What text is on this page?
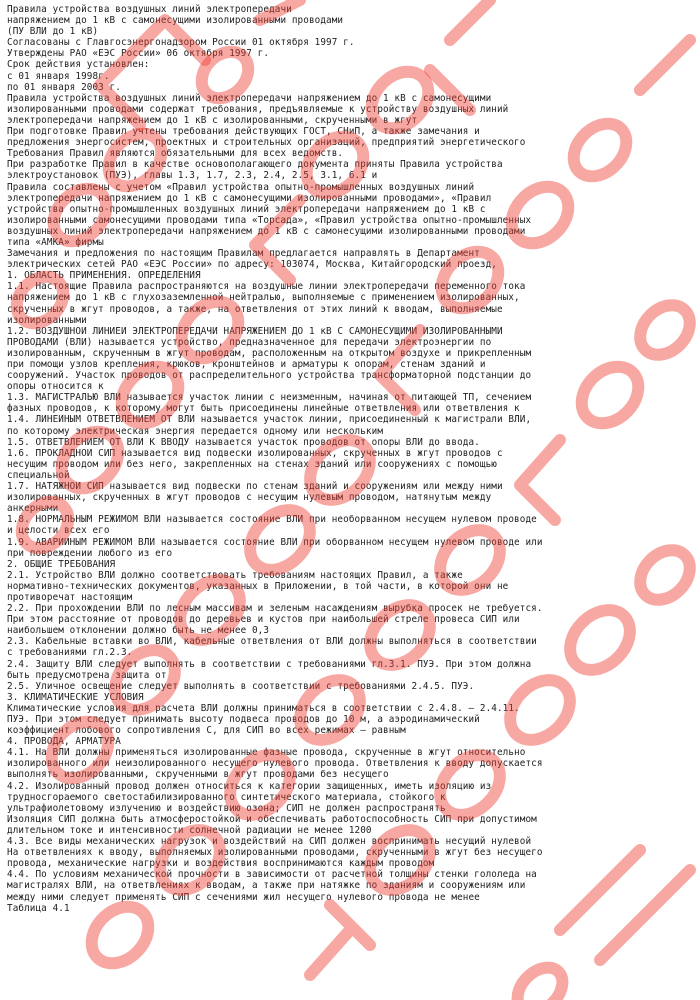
Правила устройства воздушных линий электропередачи
напряжением до 1 кВ с самонесущими изолированными проводами
(ПУ ВЛИ до 1 кВ)
Согласованы с Главгосэнергонадзором России 01 октября 1997 г.
Утверждены РАО «ЕЭС России» 06 октября 1997 г.
Срок действия установлен:
с 01 января 1998г.
по 01 января 2003 г.
Правила устройства воздушных линий электропередачи напряжением до 1 кВ с самонесущими
изолированными проводами содержат требования, предъявляемые к устройству воздушных линий
электропередачи напряжением до 1 кВ с изолированными, скрученными в жгут
При подготовке Правил учтены требования действующих ГОСТ, СНиП, а также замечания и
предложения энергосистем, проектных и строительных организаций, предприятий энергетического
Требования Правил являются обязательными для всех ведомств.
При разработке Правил в качестве основополагающего документа приняты Правила устройства
электроустановок (ПУЭ), главы 1.3, 1.7, 2.3, 2.4, 2.5, 3.1, 6.1 и
Правила составлены с учетом «Правил устройства опытно-промышленных воздушных линий
электропередачи напряжением до 1 кВ с самонесущими изолированными проводами», «Правил
устройства опытно-промышленных воздушных линий электропередачи напряжением до 1 кВ с
изолированными самонесущими проводами типа «Торсада», «Правил устройства опытно-промышленных
воздушных линий электропередачи напряжением до 1 кВ с самонесущими изолированными проводами
типа «АМКА» фирмы
Замечания и предложения по настоящим Правилам предлагается направлять в Департамент
электрических сетей РАО «ЕЭС России» по адресу: 103074, Москва, Китайгородский проезд,
1. ОБЛАСТЬ ПРИМЕНЕНИЯ. ОПРЕДЕЛЕНИЯ
1.1. Настоящие Правила распространяются на воздушные линии электропередачи переменного тока
напряжением до 1 кВ с глухозаземленной нейтралью, выполняемые с применением изолированных,
скрученных в жгут проводов, а также, на ответвления от этих линий к вводам, выполняемые
изолированными
1.2. ВОЗДУШНОЙ ЛИНИЕЙ ЭЛЕКТРОПЕРЕДАЧИ НАПРЯЖЕНИЕМ ДО 1 кВ С САМОНЕСУЩИМИ ИЗОЛИРОВАННЫМИ
ПРОВОДАМИ (ВЛИ) называется устройство, предназначенное для передачи электроэнергии по
изолированным, скрученным в жгут проводам, расположенным на открытом воздухе и прикрепленным
при помощи узлов крепления, крюков, кронштейнов и арматуры к опорам, стенам зданий и
сооружений. Участок проводов от распределительного устройства трансформаторной подстанции до
опоры относится к
1.3. МАГИСТРАЛЬЮ ВЛИ называется участок линии с неизменным, начиная от питающей ТП, сечением
фазных проводов, к которому могут быть присоединены линейные ответвления или ответвления к
1.4. ЛИНЕЙНЫМ ОТВЕТВЛЕНИЕМ ОТ ВЛИ называется участок линии, присоединенный к магистрали ВЛИ,
по которому электрическая энергия передается одному или нескольким
1.5. ОТВЕТВЛЕНИЕМ ОТ ВЛИ К ВВОДУ называется участок проводов от опоры ВЛИ до ввода.
1.6. ПРОКЛАДНОЙ СИП называется вид подвески изолированных, скрученных в жгут проводов с
несущим проводом или без него, закрепленных на стенах зданий или сооружениях с помощью
специальной
1.7. НАТЯЖНОЙ СИП называется вид подвески по стенам зданий и сооружениям или между ними
изолированных, скрученных в жгут проводов с несущим нулевым проводом, натянутым между
анкерными
1.8. НОРМАЛЬНЫМ РЕЖИМОМ ВЛИ называется состояние ВЛИ при необорванном несущем нулевом проводе
и целости всех его
1.9. АВАРИЙНЫМ РЕЖИМОМ ВЛИ называется состояние ВЛИ при оборванном несущем нулевом проводе или
при повреждении любого из его
2. ОБЩИЕ ТРЕБОВАНИЯ
2.1. Устройство ВЛИ должно соответствовать требованиям настоящих Правил, а также
нормативно-технических документов, указанных в Приложении, в той части, в которой они не
противоречат настоящим
2.2. При прохождении ВЛИ по лесным массивам и зеленым насаждениям вырубка просек не требуется.
При этом расстояние от проводов до деревьев и кустов при наибольшей стреле провеса СИП или
наибольшем отклонении должно быть не менее 0,3
2.3. Кабельные вставки во ВЛИ, кабельные ответвления от ВЛИ должны выполняться в соответствии
с требованиями гл.2.3.
2.4. Защиту ВЛИ следует выполнять в соответствии с требованиями гл.3.1. ПУЭ. При этом должна
быть предусмотрена защита от
2.5. Уличное освещение следует выполнять в соответствии с требованиями 2.4.5. ПУЭ.
3. КЛИМАТИЧЕСКИЕ УСЛОВИЯ
Климатические условия для расчета ВЛИ должны приниматься в соответствии с 2.4.8. — 2.4.11.
ПУЭ. При этом следует принимать высоту подвеса проводов до 10 м, а аэродинамический
коэффициент лобового сопротивления С, для СИП во всех режимах — равным
4. ПРОВОДА, АРМАТУРА
4.1. На ВЛИ должны применяться изолированные фазные провода, скрученные в жгут относительно
изолированного или неизолированного несущего нулевого провода. Ответвления к вводу допускается
выполнять изолированными, скрученными в жгут проводами без несущего
4.2. Изолированный провод должен относиться к категории защищенных, иметь изоляцию из
трудносгораемого светостабилизированного синтетического материала, стойкого к
ультрафиолетовому излучению и воздействию озона; СИП не должен распространять
Изоляция СИП должна быть атмосферостойкой и обеспечивать работоспособность СИП при допустимом
длительном токе и интенсивности солнечной радиации не менее 1200
4.3. Все виды механических нагрузок и воздействий на СИП должен воспринимать несущий нулевой
На ответвлениях к вводу, выполняемых изолированными проводами, скрученными в жгут без несущего
провода, механические нагрузки и воздействия воспринимаются каждым проводом
4.4. По условиям механической прочности в зависимости от расчетной толщины стенки гололеда на
магистралях ВЛИ, на ответвлениях к вводам, а также при натяжке по зданиям и сооружениям или
между ними следует применять СИП с сечениями жил несущего нулевого провода не менее
Таблица 4.1
